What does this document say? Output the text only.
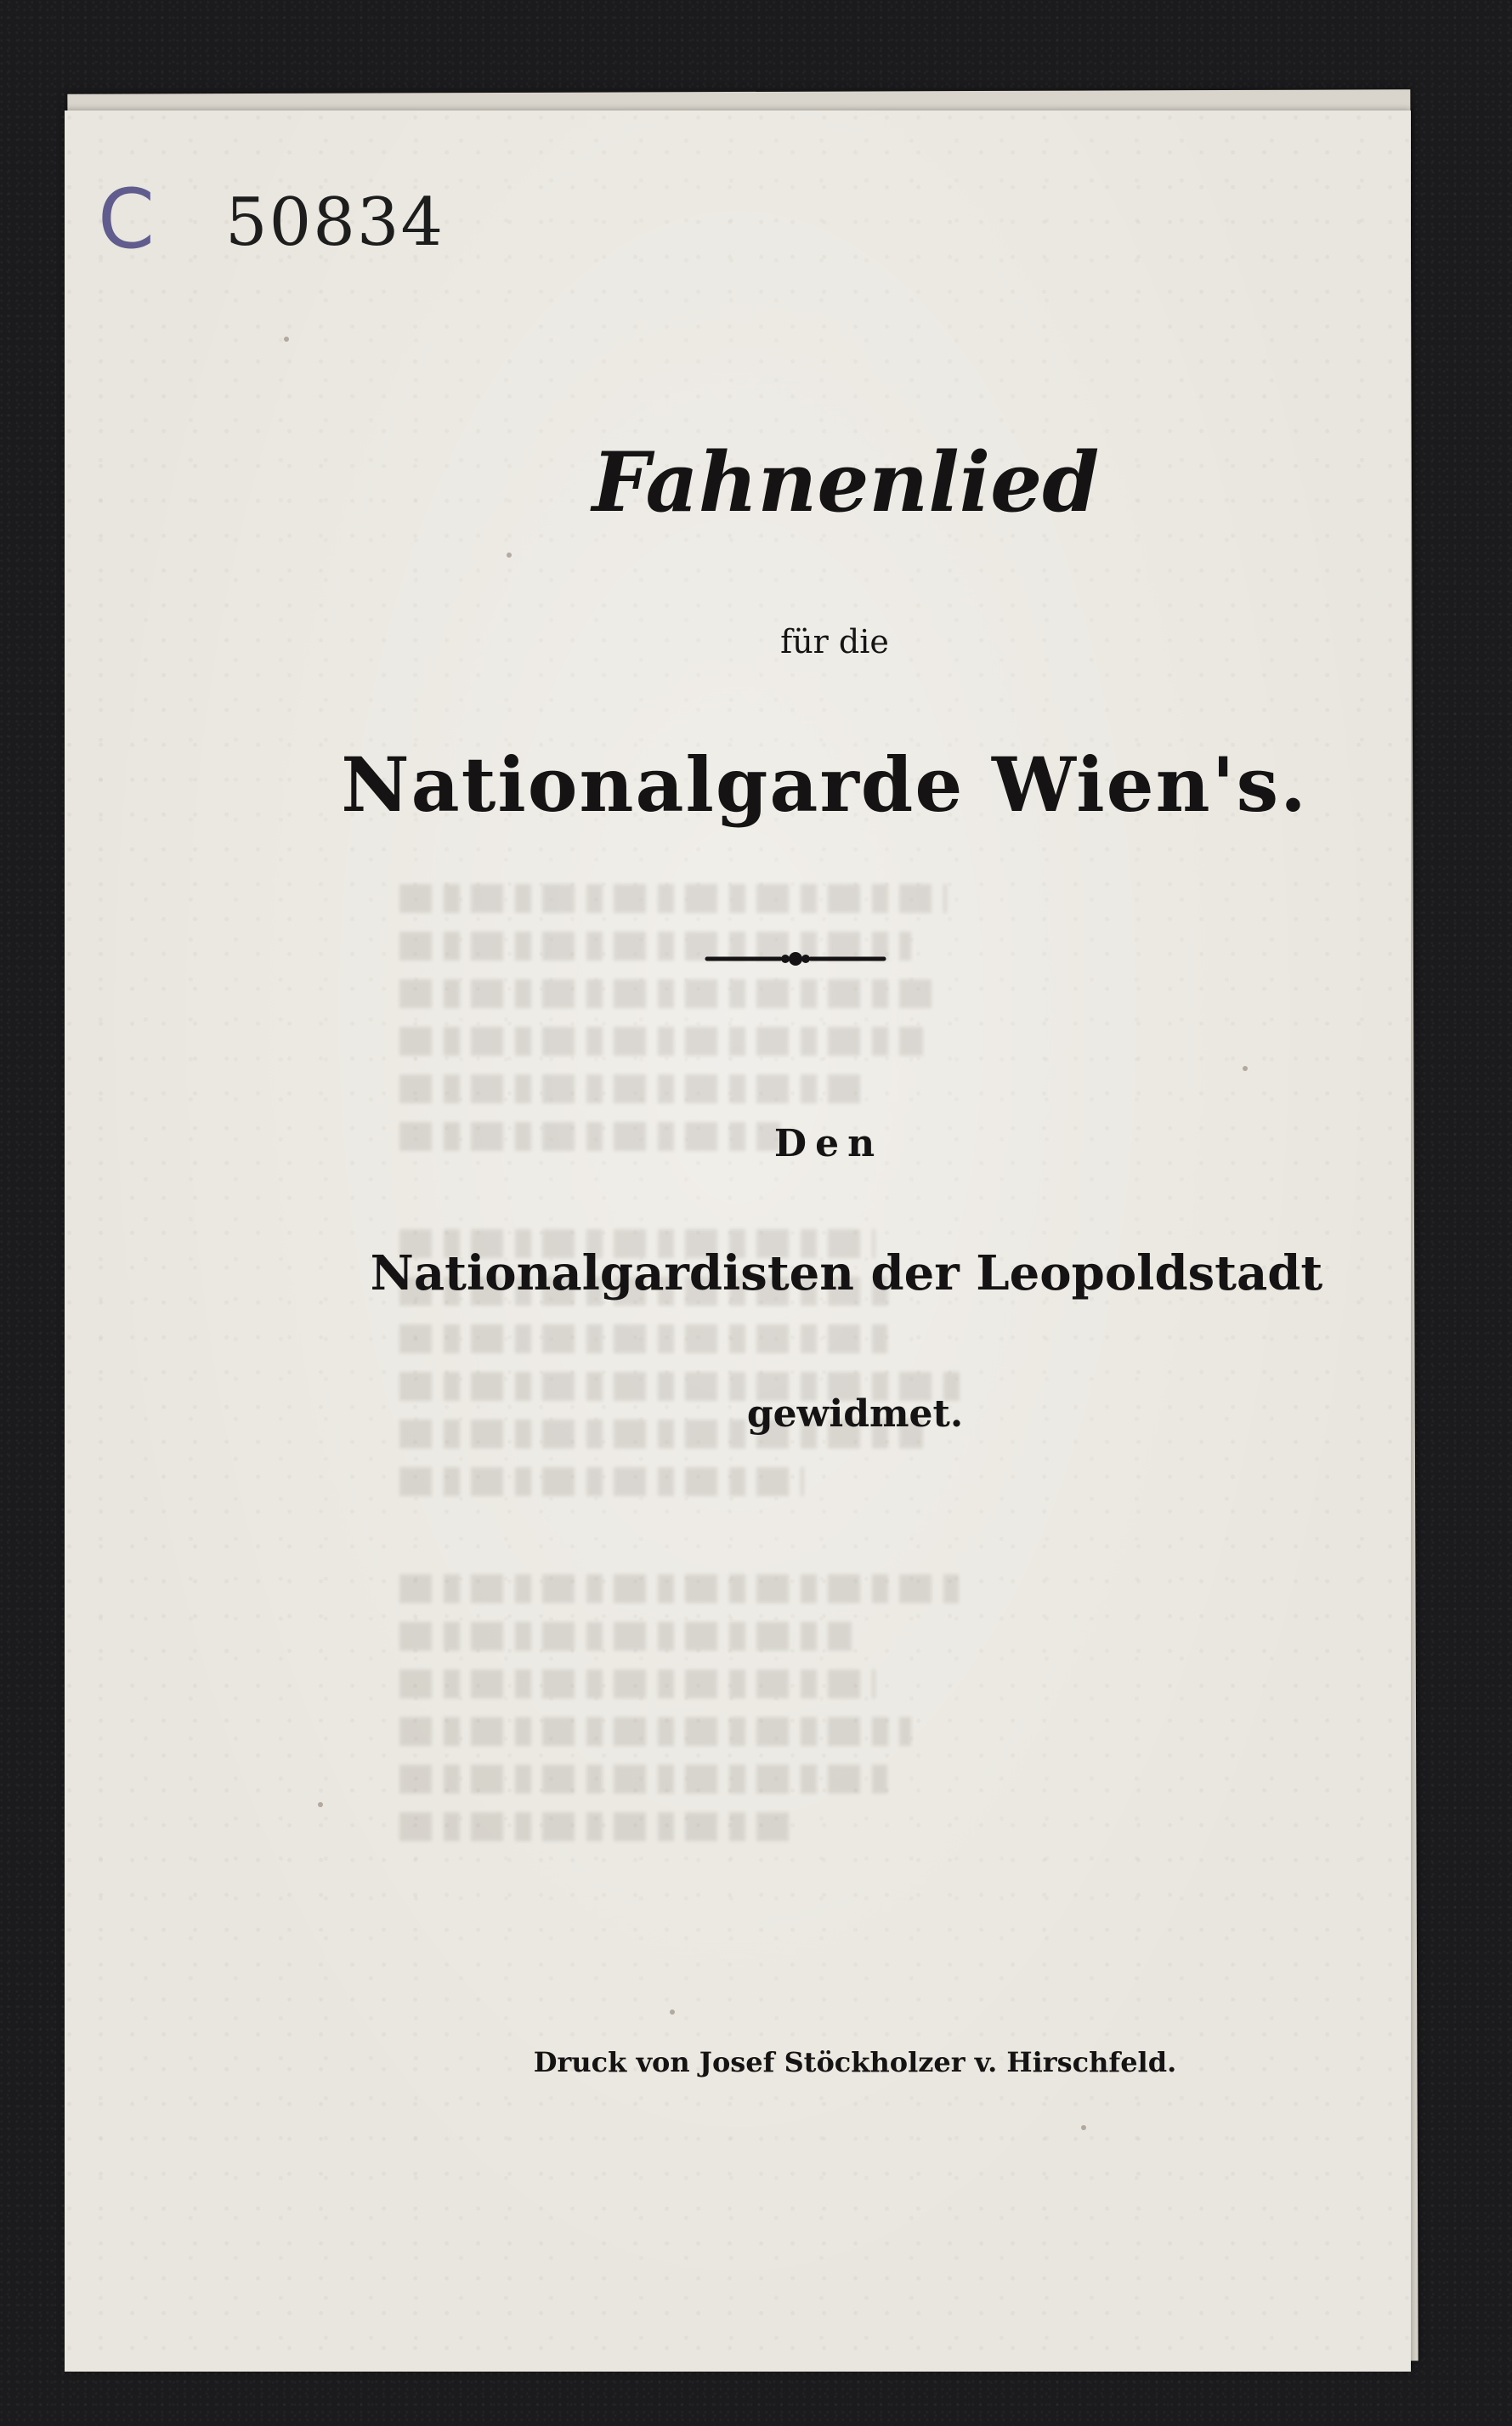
C 50834
Fahnenlied
für die
Nationalgarde Wien's.
Den
Nationalgardisten der Leopoldstadt
gewidmet.
Druck von Josef Stöckholzer v. Hirschfeld.
